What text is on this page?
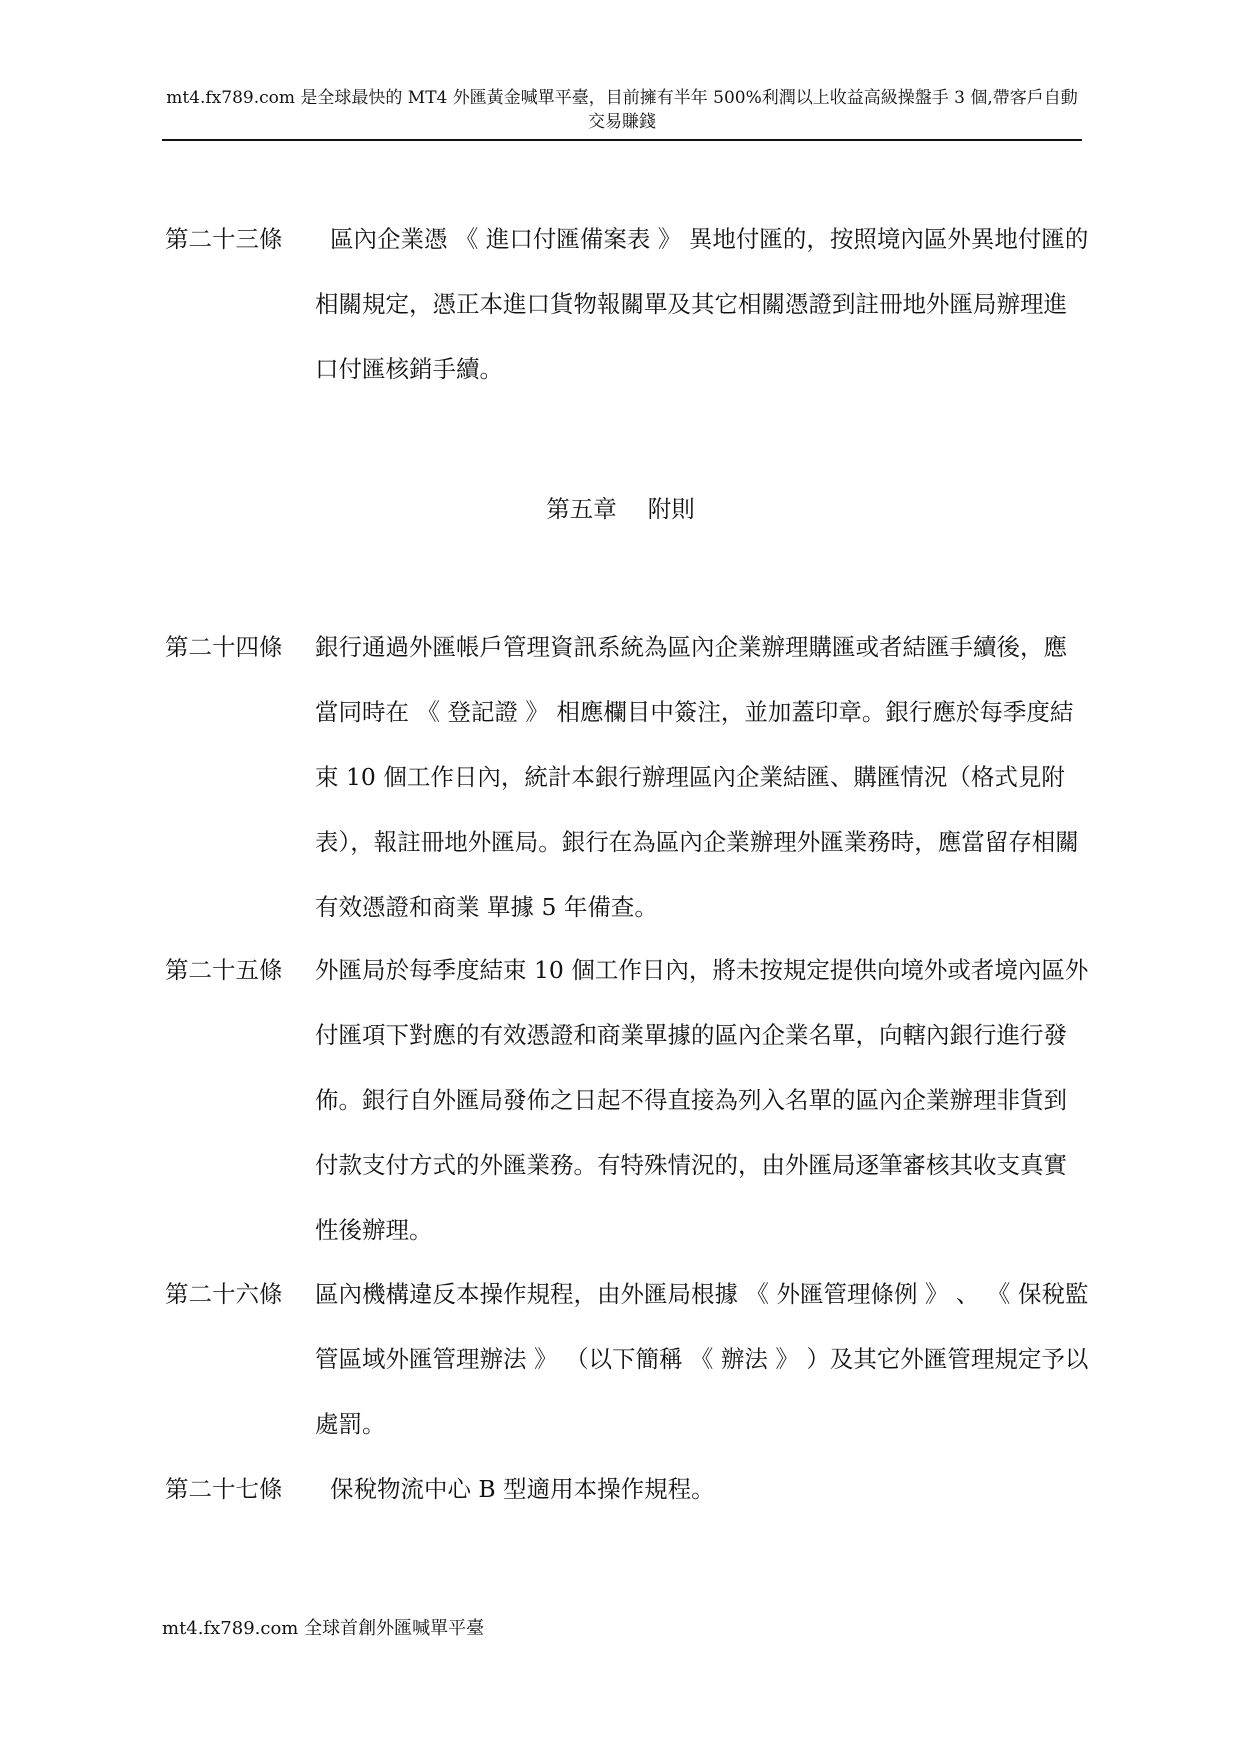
mt4.fx789.com 是全球最快的 MT4 外匯黃金喊單平臺，目前擁有半年 500%利潤以上收益高級操盤手 3 個,帶客戶自動交易賺錢
第二十三條	區內企業憑 《 進口付匯備案表 》 異地付匯的，按照境內區外異地付匯的相關規定，憑正本進口貨物報關單及其它相關憑證到註冊地外匯局辦理進口付匯核銷手續。
第五章　 附則
第二十四條	銀行通過外匯帳戶管理資訊系統為區內企業辦理購匯或者結匯手續後，應當同時在 《 登記證 》 相應欄目中簽注，並加蓋印章。銀行應於每季度結束 10 個工作日內，統計本銀行辦理區內企業結匯、購匯情況（格式見附表），報註冊地外匯局。銀行在為區內企業辦理外匯業務時，應當留存相關有效憑證和商業 單據 5 年備查。
第二十五條	外匯局於每季度結束 10 個工作日內，將未按規定提供向境外或者境內區外付匯項下對應的有效憑證和商業單據的區內企業名單，向轄內銀行進行發佈。銀行自外匯局發佈之日起不得直接為列入名單的區內企業辦理非貨到付款支付方式的外匯業務。有特殊情況的，由外匯局逐筆審核其收支真實性後辦理。
第二十六條	區內機構違反本操作規程，由外匯局根據 《 外匯管理條例 》 、 《 保稅監管區域外匯管理辦法 》 （以下簡稱 《 辦法 》 ）及其它外匯管理規定予以處罰。
第二十七條	保稅物流中心 B 型適用本操作規程。
mt4.fx789.com 全球首創外匯喊單平臺
